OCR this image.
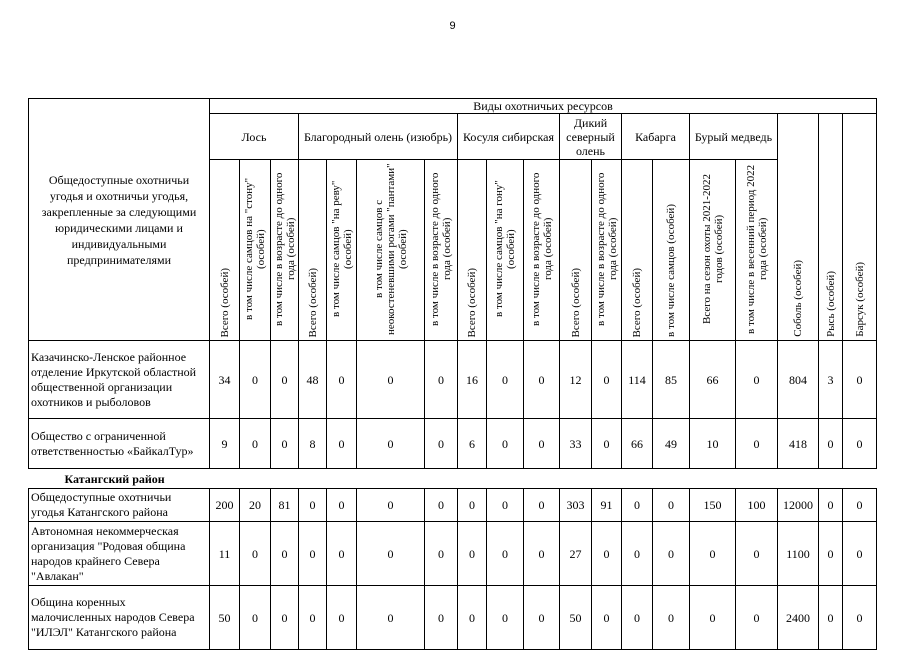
9
Общедоступные охотничьи угодья и охотничьи угодья, закрепленные за следующими юридическими лицами и индивидуальными предпринимателями	Виды охотничьих ресурсов																		
	Лось			Благородный олень (изюбрь)				Косуля сибирская			Дикий северный олень		Кабарга		Бурый медведь		Соболь (особей)	Рысь (особей)	Барсук (особей)
	Всего (особей)	в том числе самцов на "стону" (особей)	в том числе в возрасте до одного года (особей)	Всего (особей)	в том числе самцов "на реву" (особей)	в том числе самцов с неокостеневшими рогами "пантами" (особей)	в том числе в возрасте до одного года (особей)	Всего (особей)	в том числе самцов "на гону" (особей)	в том числе в возрасте до одного года (особей)	Всего (особей)	в том числе в возрасте до одного года (особей)	Всего (особей)	в том числе самцов (особей)	Всего на сезон охоты 2021-2022 годов (особей)	в том числе в весенний период 2022 года (особей)			
Казачинско-Ленское районное отделение Иркутской областной общественной организации охотников и рыболовов	34	0	0	48	0	0	0	16	0	0	12	0	114	85	66	0	804	3	0
Общество с ограниченной ответственностью «БайкалТур»	9	0	0	8	0	0	0	6	0	0	33	0	66	49	10	0	418	0	0
Катангский район																			
Общедоступные охотничьи угодья Катангского района	200	20	81	0	0	0	0	0	0	0	303	91	0	0	150	100	12000	0	0
Автономная некоммерческая организация "Родовая община народов крайнего Севера "Авлакан"	11	0	0	0	0	0	0	0	0	0	27	0	0	0	0	0	1100	0	0
Община коренных малочисленных народов Севера "ИЛЭЛ" Катангского района	50	0	0	0	0	0	0	0	0	0	50	0	0	0	0	0	2400	0	0
